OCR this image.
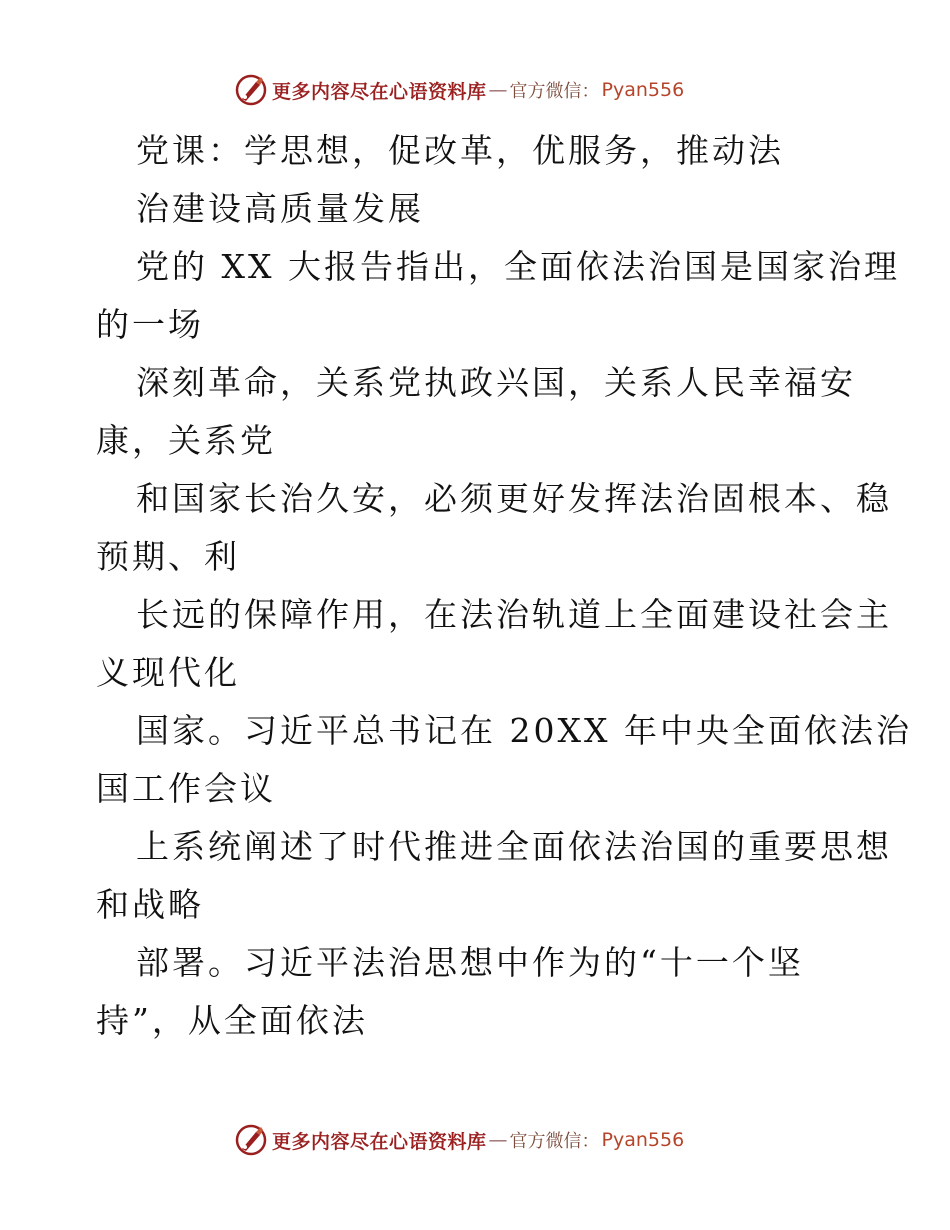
更多内容尽在心语资料库 — 官方微信： Pyan556
党课：学思想，促改革，优服务，推动法
治建设高质量发展
党的 XX 大报告指出，全面依法治国是国家治理
的一场
深刻革命，关系党执政兴国，关系人民幸福安
康，关系党
和国家长治久安，必须更好发挥法治固根本、稳
预期、利
长远的保障作用，在法治轨道上全面建设社会主
义现代化
国家。习近平总书记在 20XX 年中央全面依法治
国工作会议
上系统阐述了时代推进全面依法治国的重要思想
和战略
部署。习近平法治思想中作为的“十一个坚
持”，从全面依法
更多内容尽在心语资料库 — 官方微信： Pyan556
